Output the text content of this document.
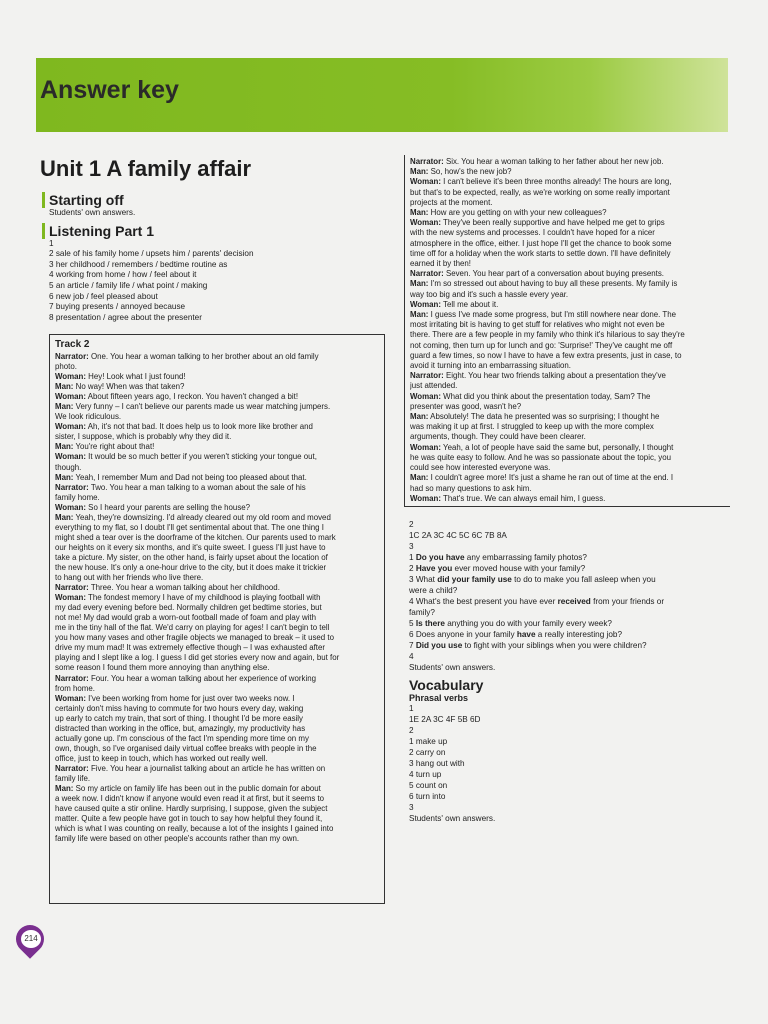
Answer key
Unit 1 A family affair
Starting off
Students' own answers.
Listening Part 1
1
2 sale of his family home / upsets him / parents' decision
3 her childhood / remembers / bedtime routine as
4 working from home / how / feel about it
5 an article / family life / what point / making
6 new job / feel pleased about
7 buying presents / annoyed because
8 presentation / agree about the presenter
Track 2
Narrator: One. You hear a woman talking to her brother about an old family
photo.
Woman: Hey! Look what I just found!
Man: No way! When was that taken?
Woman: About fifteen years ago, I reckon. You haven't changed a bit!
Man: Very funny – I can't believe our parents made us wear matching jumpers.
We look ridiculous.
Woman: Ah, it's not that bad. It does help us to look more like brother and
sister, I suppose, which is probably why they did it.
Man: You're right about that!
Woman: It would be so much better if you weren't sticking your tongue out,
though.
Man: Yeah, I remember Mum and Dad not being too pleased about that.
Narrator: Two. You hear a man talking to a woman about the sale of his
family home.
Woman: So I heard your parents are selling the house?
Man: Yeah, they're downsizing. I'd already cleared out my old room and moved
everything to my flat, so I doubt I'll get sentimental about that. The one thing I
might shed a tear over is the doorframe of the kitchen. Our parents used to mark
our heights on it every six months, and it's quite sweet. I guess I'll just have to
take a picture. My sister, on the other hand, is fairly upset about the location of
the new house. It's only a one-hour drive to the city, but it does make it trickier
to hang out with her friends who live there.
Narrator: Three. You hear a woman talking about her childhood.
Woman: The fondest memory I have of my childhood is playing football with
my dad every evening before bed. Normally children get bedtime stories, but
not me! My dad would grab a worn-out football made of foam and play with
me in the tiny hall of the flat. We'd carry on playing for ages! I can't begin to tell
you how many vases and other fragile objects we managed to break – it used to
drive my mum mad! It was extremely effective though – I was exhausted after
playing and I slept like a log. I guess I did get stories every now and again, but for
some reason I found them more annoying than anything else.
Narrator: Four. You hear a woman talking about her experience of working
from home.
Woman: I've been working from home for just over two weeks now. I
certainly don't miss having to commute for two hours every day, waking
up early to catch my train, that sort of thing. I thought I'd be more easily
distracted than working in the office, but, amazingly, my productivity has
actually gone up. I'm conscious of the fact I'm spending more time on my
own, though, so I've organised daily virtual coffee breaks with people in the
office, just to keep in touch, which has worked out really well.
Narrator: Five. You hear a journalist talking about an article he has written on
family life.
Man: So my article on family life has been out in the public domain for about
a week now. I didn't know if anyone would even read it at first, but it seems to
have caused quite a stir online. Hardly surprising, I suppose, given the subject
matter. Quite a few people have got in touch to say how helpful they found it,
which is what I was counting on really, because a lot of the insights I gained into
family life were based on other people's accounts rather than my own.
Narrator: Six. You hear a woman talking to her father about her new job.
Man: So, how's the new job?
Woman: I can't believe it's been three months already! The hours are long,
but that's to be expected, really, as we're working on some really important
projects at the moment.
Man: How are you getting on with your new colleagues?
Woman: They've been really supportive and have helped me get to grips
with the new systems and processes. I couldn't have hoped for a nicer
atmosphere in the office, either. I just hope I'll get the chance to book some
time off for a holiday when the work starts to settle down. I'll have definitely
earned it by then!
Narrator: Seven. You hear part of a conversation about buying presents.
Man: I'm so stressed out about having to buy all these presents. My family is
way too big and it's such a hassle every year.
Woman: Tell me about it.
Man: I guess I've made some progress, but I'm still nowhere near done. The
most irritating bit is having to get stuff for relatives who might not even be
there. There are a few people in my family who think it's hilarious to say they're
not coming, then turn up for lunch and go: 'Surprise!' They've caught me off
guard a few times, so now I have to have a few extra presents, just in case, to
avoid it turning into an embarrassing situation.
Narrator: Eight. You hear two friends talking about a presentation they've
just attended.
Woman: What did you think about the presentation today, Sam? The
presenter was good, wasn't he?
Man: Absolutely! The data he presented was so surprising; I thought he
was making it up at first. I struggled to keep up with the more complex
arguments, though. They could have been clearer.
Woman: Yeah, a lot of people have said the same but, personally, I thought
he was quite easy to follow. And he was so passionate about the topic, you
could see how interested everyone was.
Man: I couldn't agree more! It's just a shame he ran out of time at the end. I
had so many questions to ask him.
Woman: That's true. We can always email him, I guess.
2
1C 2A 3C 4C 5C 6C 7B 8A
3
1 Do you have any embarrassing family photos?
2 Have you ever moved house with your family?
3 What did your family use to do to make you fall asleep when you
were a child?
4 What's the best present you have ever received from your friends or
family?
5 Is there anything you do with your family every week?
6 Does anyone in your family have a really interesting job?
7 Did you use to fight with your siblings when you were children?
4
Students' own answers.
Vocabulary
Phrasal verbs
1
1E 2A 3C 4F 5B 6D
2
1 make up
2 carry on
3 hang out with
4 turn up
5 count on
6 turn into
3
Students' own answers.
214
